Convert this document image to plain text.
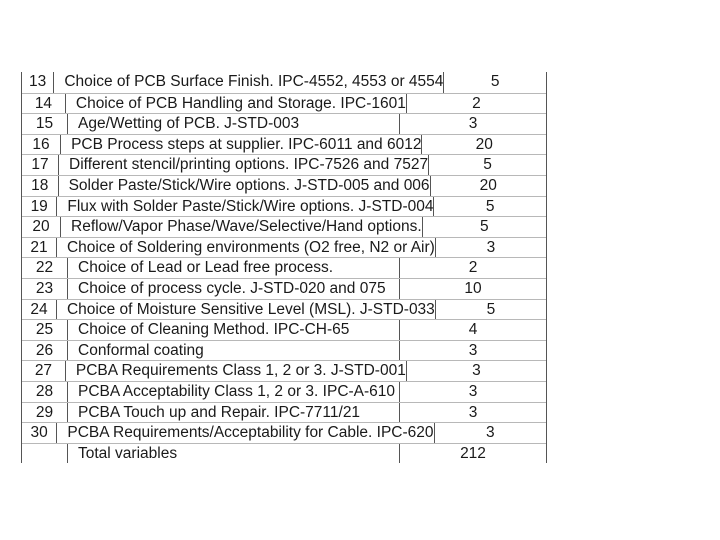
13	Choice of PCB Surface Finish. IPC-4552, 4553 or 4554	5
14	Choice of PCB Handling and Storage. IPC-1601	2
15	Age/Wetting of PCB. J-STD-003	3
16	PCB Process steps at supplier. IPC-6011 and 6012	20
17	Different stencil/printing options. IPC-7526 and 7527	5
18	Solder Paste/Stick/Wire options. J-STD-005 and 006	20
19	Flux with Solder Paste/Stick/Wire options. J-STD-004	5
20	Reflow/Vapor Phase/Wave/Selective/Hand options.	5
21	Choice of Soldering environments (O2 free, N2 or Air)	3
22	Choice of Lead or Lead free process.	2
23	Choice of process cycle. J-STD-020 and 075	10
24	Choice of Moisture Sensitive Level (MSL). J-STD-033	5
25	Choice of Cleaning Method. IPC-CH-65	4
26	Conformal coating	3
27	PCBA Requirements Class 1, 2 or 3. J-STD-001	3
28	PCBA Acceptability Class 1, 2 or 3. IPC-A-610	3
29	PCBA Touch up and Repair. IPC-7711/21	3
30	PCBA Requirements/Acceptability for Cable. IPC-620	3
Total variables	212
